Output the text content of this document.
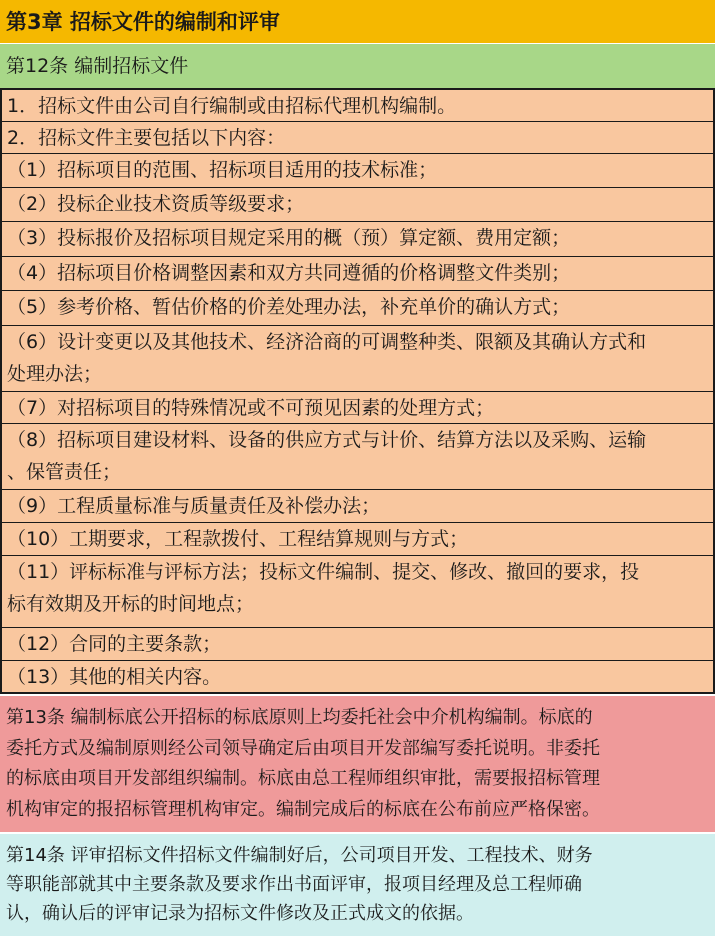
第3章 招标文件的编制和评审
第12条 编制招标文件
1．招标文件由公司自行编制或由招标代理机构编制。
2．招标文件主要包括以下内容：
（1）招标项目的范围、招标项目适用的技术标准；
（2）投标企业技术资质等级要求；
（3）投标报价及招标项目规定采用的概（预）算定额、费用定额；
（4）招标项目价格调整因素和双方共同遵循的价格调整文件类别；
（5）参考价格、暂估价格的价差处理办法，补充单价的确认方式；
（6）设计变更以及其他技术、经济洽商的可调整种类、限额及其确认方式和
处理办法；
（7）对招标项目的特殊情况或不可预见因素的处理方式；
（8）招标项目建设材料、设备的供应方式与计价、结算方法以及采购、运输
、保管责任；
（9）工程质量标准与质量责任及补偿办法；
（10）工期要求，工程款拨付、工程结算规则与方式；
（11）评标标准与评标方法；投标文件编制、提交、修改、撤回的要求，投
标有效期及开标的时间地点；
（12）合同的主要条款；
（13）其他的相关内容。
第13条 编制标底公开招标的标底原则上均委托社会中介机构编制。标底的
委托方式及编制原则经公司领导确定后由项目开发部编写委托说明。非委托
的标底由项目开发部组织编制。标底由总工程师组织审批，需要报招标管理
机构审定的报招标管理机构审定。编制完成后的标底在公布前应严格保密。
第14条 评审招标文件招标文件编制好后，公司项目开发、工程技术、财务
等职能部就其中主要条款及要求作出书面评审，报项目经理及总工程师确
认，确认后的评审记录为招标文件修改及正式成文的依据。
